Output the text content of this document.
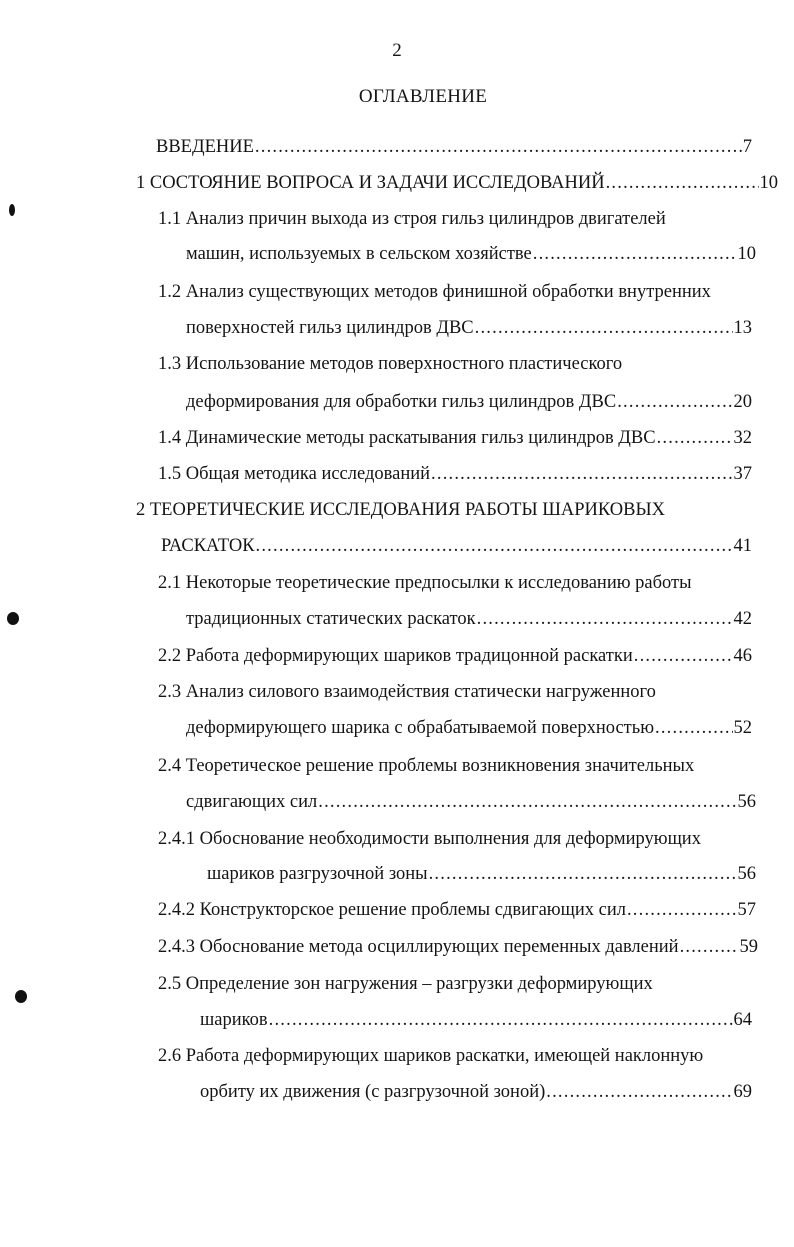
2
ОГЛАВЛЕНИЕ
ВВЕДЕНИЕ .....	7
1 СОСТОЯНИЕ ВОПРОСА И ЗАДАЧИ ИССЛЕДОВАНИЙ .....	10
1.1 Анализ причин выхода из строя гильз цилиндров двигателей
машин, используемых в сельском хозяйстве .....	10
1.2 Анализ существующих методов финишной обработки внутренних
поверхностей гильз цилиндров ДВС .....	13
1.3 Использование методов поверхностного пластического
деформирования для обработки гильз цилиндров ДВС .....	20
1.4 Динамические методы раскатывания гильз цилиндров ДВС .....	32
1.5 Общая методика исследований .....	37
2 ТЕОРЕТИЧЕСКИЕ ИССЛЕДОВАНИЯ РАБОТЫ ШАРИКОВЫХ
РАСКАТОК .....	41
2.1 Некоторые теоретические предпосылки к исследованию работы
традиционных статических раскаток .....	42
2.2 Работа деформирующих шариков традицонной раскатки .....	46
2.3 Анализ силового взаимодействия статически нагруженного
деформирующего шарика с обрабатываемой поверхностью .....	52
2.4 Теоретическое решение проблемы возникновения значительных
сдвигающих сил .....	56
2.4.1 Обоснование необходимости выполнения для деформирующих
шариков разгрузочной зоны .....	56
2.4.2 Конструкторское решение проблемы сдвигающих сил .....	57
2.4.3 Обоснование метода осциллирующих переменных давлений .....	59
2.5 Определение зон нагружения – разгрузки деформирующих
шариков .....	64
2.6 Работа деформирующих шариков раскатки, имеющей наклонную
орбиту их движения (с разгрузочной зоной) .....	69
